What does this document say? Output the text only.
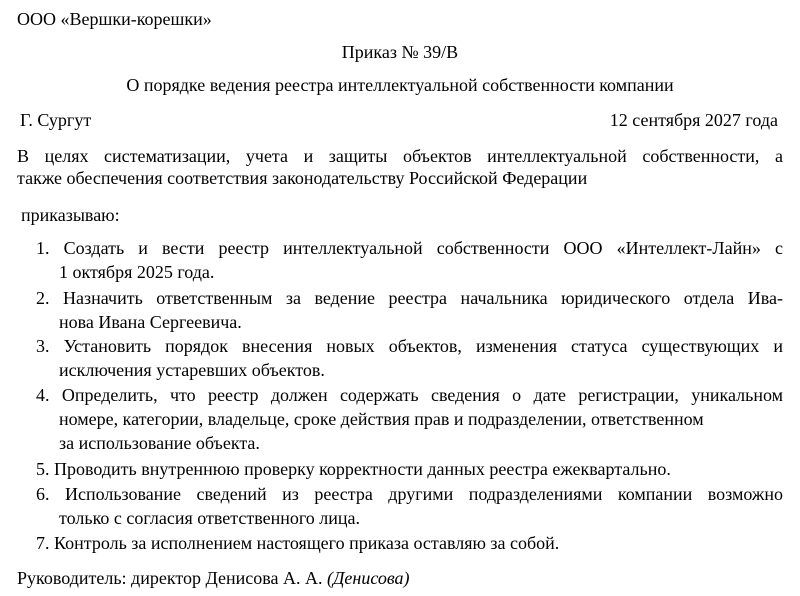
ООО «Вершки-корешки»
Приказ № 39/В
О порядке ведения реестра интеллектуальной собственности компании
Г. Сургут	12 сентября 2027 года
В целях систематизации, учета и защиты объектов интеллектуальной собственности, а
также обеспечения соответствия законодательству Российской Федерации
приказываю:
1. Создать и вести реестр интеллектуальной собственности ООО «Интеллект-Лайн» с
1 октября 2025 года.
2. Назначить ответственным за ведение реестра начальника юридического отдела Ива-
нова Ивана Сергеевича.
3. Установить порядок внесения новых объектов, изменения статуса существующих и
исключения устаревших объектов.
4. Определить, что реестр должен содержать сведения о дате регистрации, уникальном
номере, категории, владельце, сроке действия прав и подразделении, ответственном
за использование объекта.
5. Проводить внутреннюю проверку корректности данных реестра ежеквартально.
6. Использование сведений из реестра другими подразделениями компании возможно
только с согласия ответственного лица.
7. Контроль за исполнением настоящего приказа оставляю за собой.
Руководитель: директор Денисова А. А. (Денисова)
